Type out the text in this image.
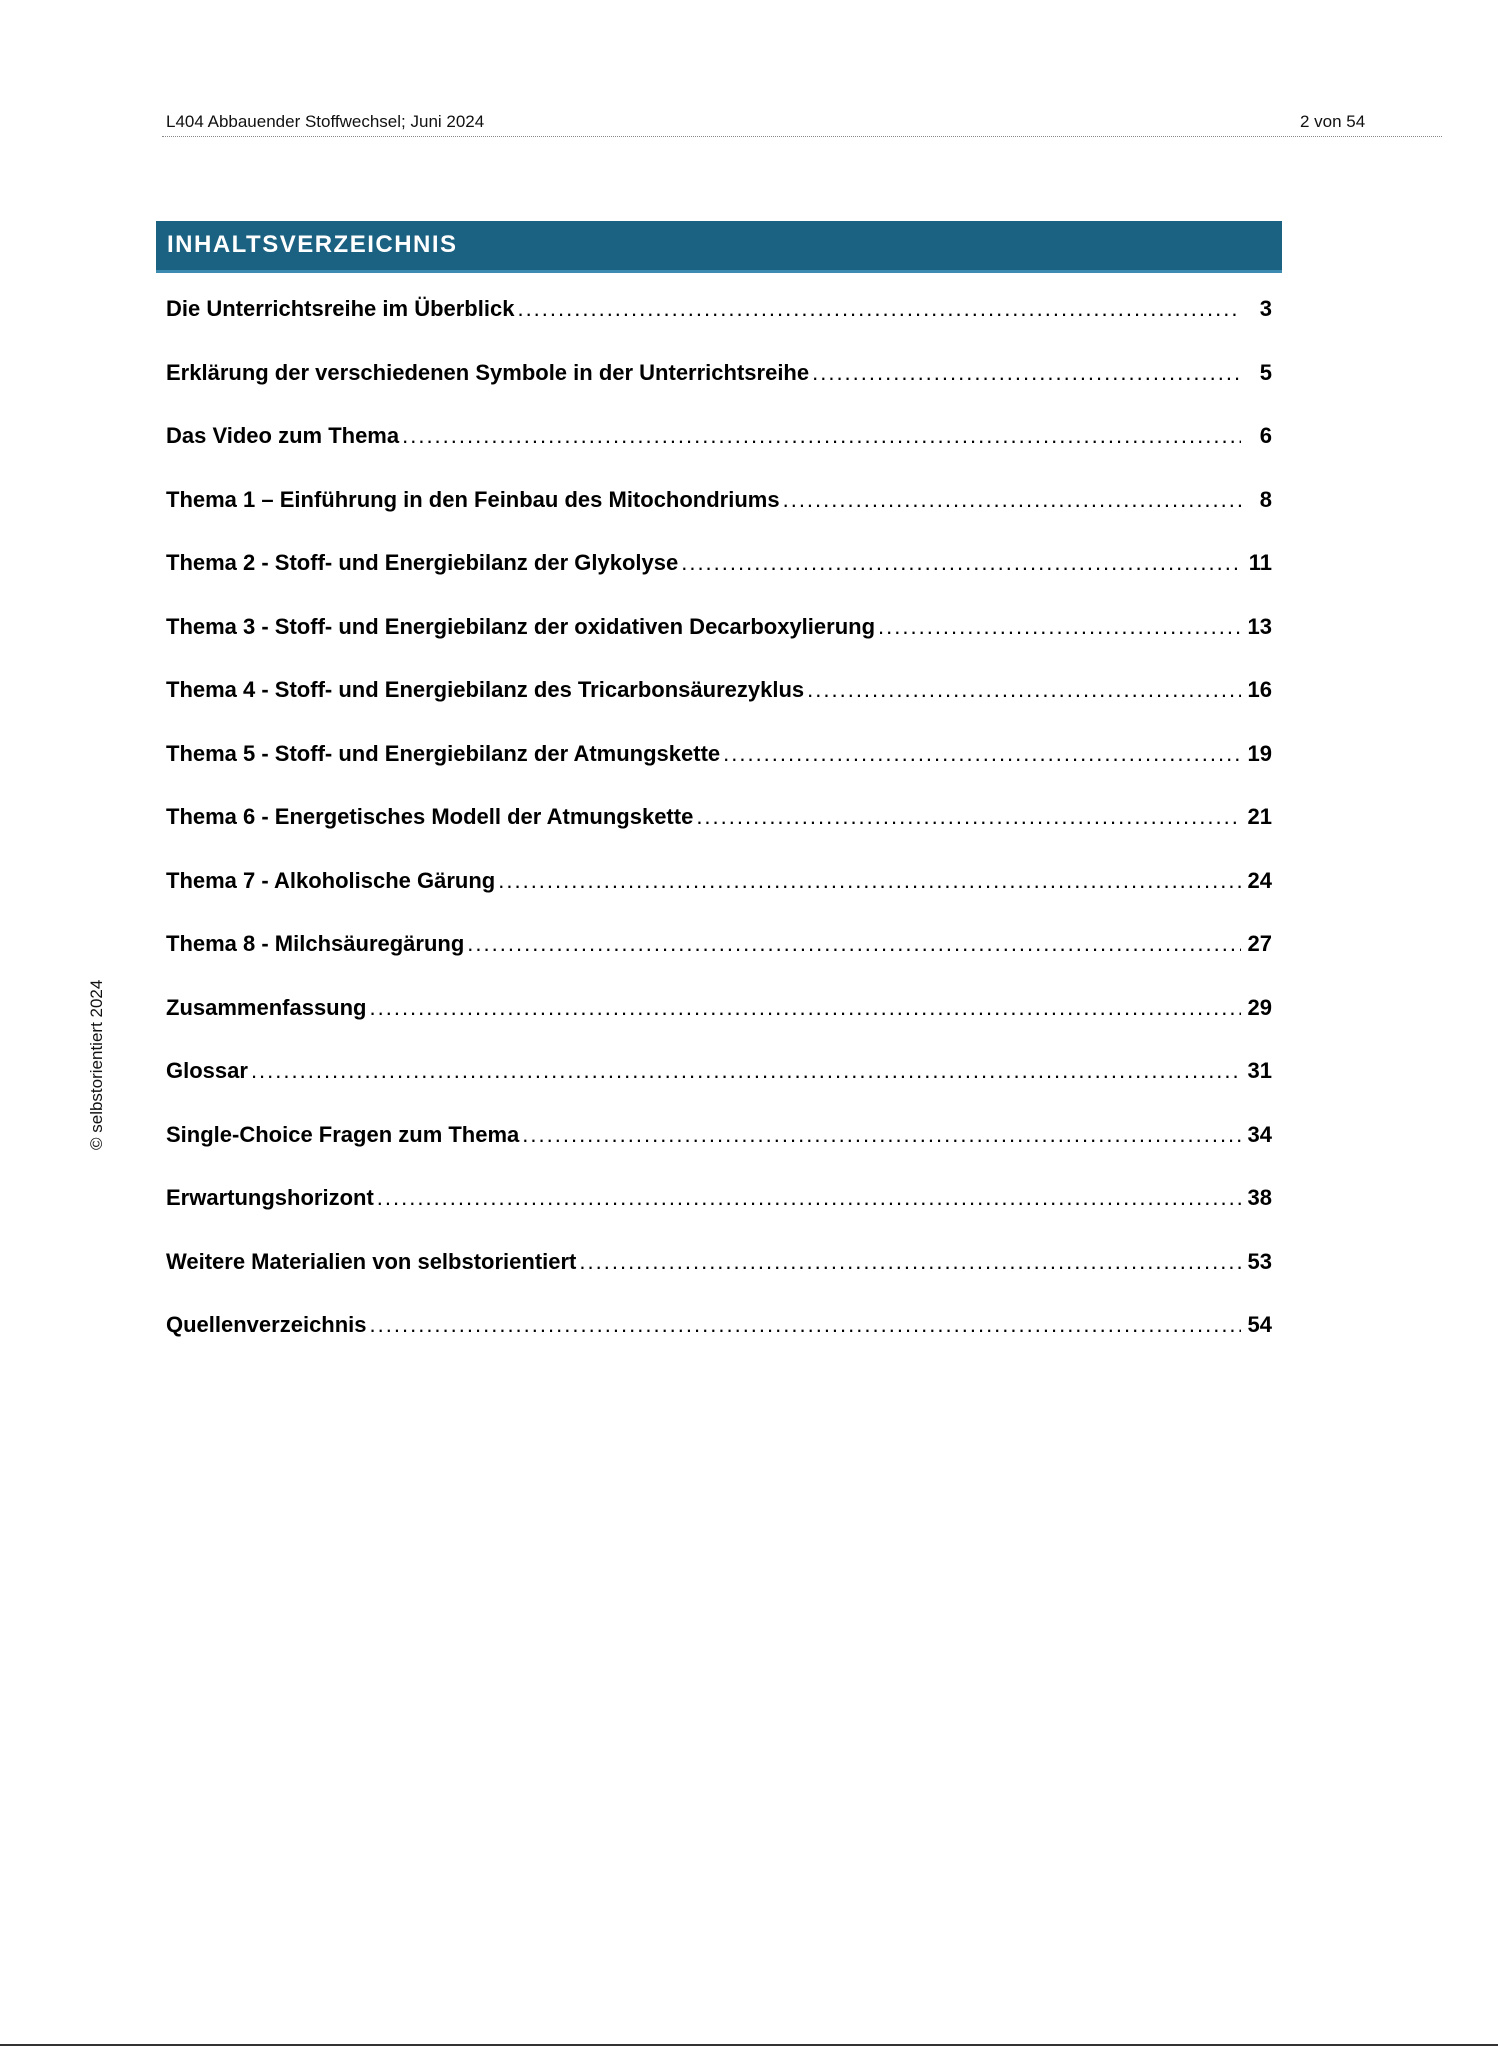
L404 Abbauender Stoffwechsel; Juni 2024	2 von 54
INHALTSVERZEICHNIS
Die Unterrichtsreihe im Überblick .....	3
Erklärung der verschiedenen Symbole in der Unterrichtsreihe .....	5
Das Video zum Thema .....	6
Thema 1 – Einführung in den Feinbau des Mitochondriums .....	8
Thema 2 - Stoff- und Energiebilanz der Glykolyse .....	11
Thema 3 - Stoff- und Energiebilanz der oxidativen Decarboxylierung .....	13
Thema 4 - Stoff- und Energiebilanz des Tricarbonsäurezyklus .....	16
Thema 5 - Stoff- und Energiebilanz der Atmungskette .....	19
Thema 6 - Energetisches Modell der Atmungskette .....	21
Thema 7 - Alkoholische Gärung .....	24
Thema 8 - Milchsäuregärung .....	27
Zusammenfassung .....	29
Glossar .....	31
Single-Choice Fragen zum Thema .....	34
Erwartungshorizont .....	38
Weitere Materialien von selbstorientiert .....	53
Quellenverzeichnis .....	54
© selbstorientiert 2024
